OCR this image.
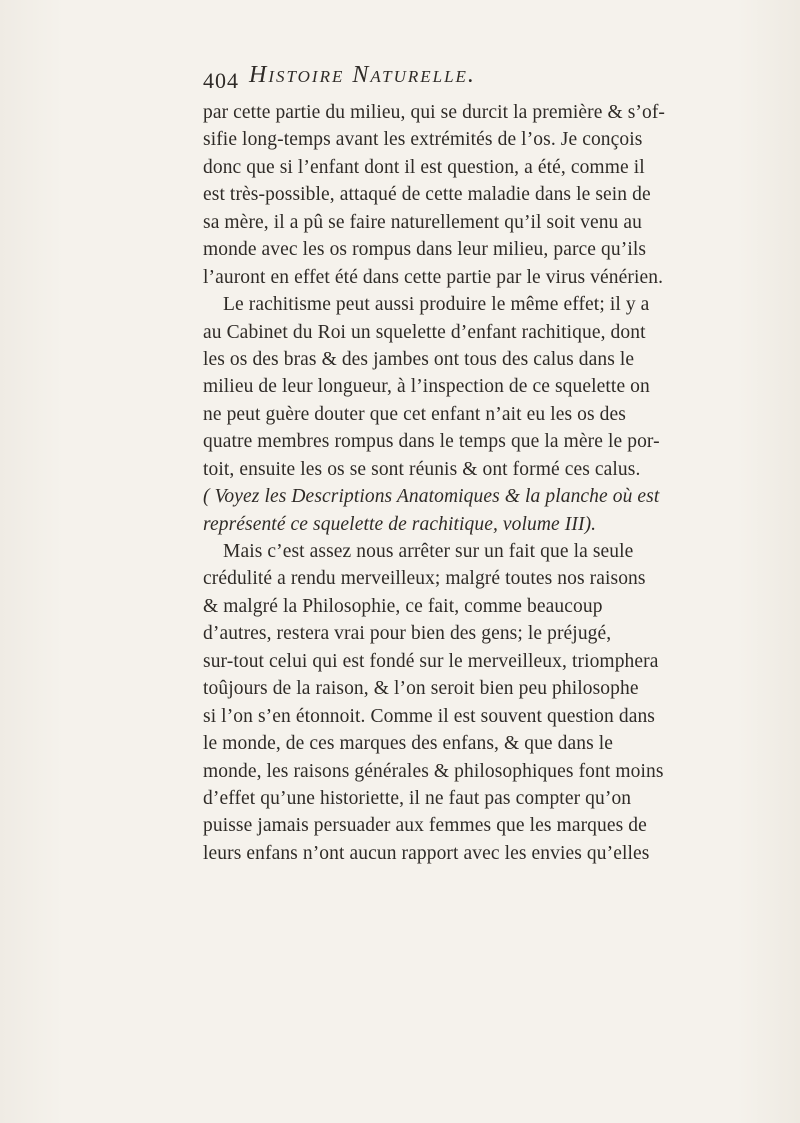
404 Histoire Naturelle.
par cette partie du milieu, qui se durcit la première & s’of-
sifie long-temps avant les extrémités de l’os. Je conçois
donc que si l’enfant dont il est question, a été, comme il
est très-possible, attaqué de cette maladie dans le sein de
sa mère, il a pû se faire naturellement qu’il soit venu au
monde avec les os rompus dans leur milieu, parce qu’ils
l’auront en effet été dans cette partie par le virus vénérien.
Le rachitisme peut aussi produire le même effet; il y a
au Cabinet du Roi un squelette d’enfant rachitique, dont
les os des bras & des jambes ont tous des calus dans le
milieu de leur longueur, à l’inspection de ce squelette on
ne peut guère douter que cet enfant n’ait eu les os des
quatre membres rompus dans le temps que la mère le por-
toit, ensuite les os se sont réunis & ont formé ces calus.
( Voyez les Descriptions Anatomiques & la planche où est
représenté ce squelette de rachitique, volume III).
Mais c’est assez nous arrêter sur un fait que la seule
crédulité a rendu merveilleux; malgré toutes nos raisons
& malgré la Philosophie, ce fait, comme beaucoup
d’autres, restera vrai pour bien des gens; le préjugé,
sur-tout celui qui est fondé sur le merveilleux, triomphera
toûjours de la raison, & l’on seroit bien peu philosophe
si l’on s’en étonnoit. Comme il est souvent question dans
le monde, de ces marques des enfans, & que dans le
monde, les raisons générales & philosophiques font moins
d’effet qu’une historiette, il ne faut pas compter qu’on
puisse jamais persuader aux femmes que les marques de
leurs enfans n’ont aucun rapport avec les envies qu’elles
